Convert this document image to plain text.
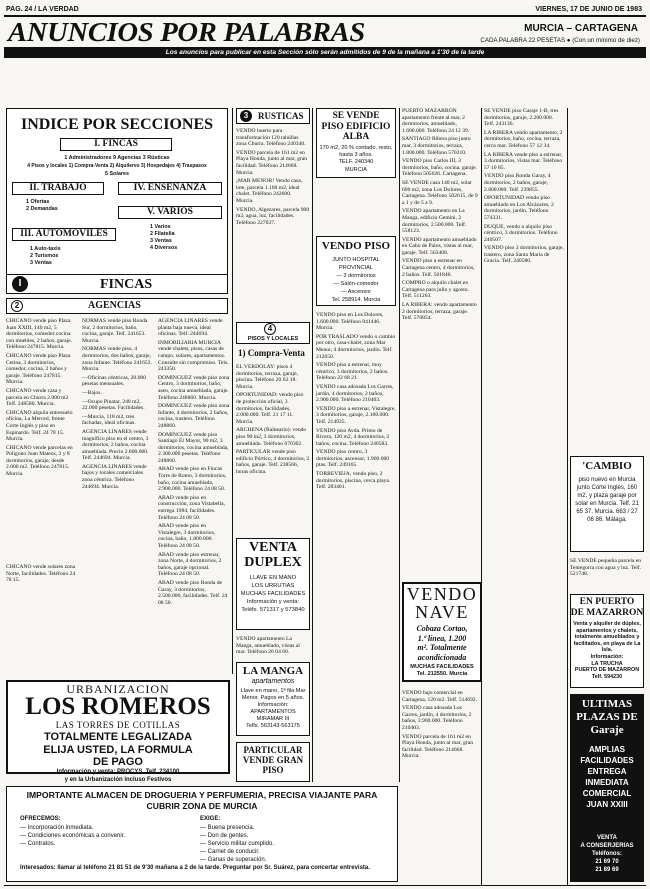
PAG. 24 / LA VERDAD	VIERNES, 17 DE JUNIO DE 1983
ANUNCIOS POR PALABRAS	MURCIA – CARTAGENA
CADA PALABRA 22 PESETAS ● (Con un mínimo de diez)
Los anuncios para publicar en esta Sección sólo serán admitidos de 9 de la mañana a 1'30 de la tarde
INDICE POR SECCIONES
I. FINCAS
1 Administradores 9 Agencias 3 Rústicas
4 Pisos y locales 1) Compra-Venta 2) Alquileres 3) Hospedajes 4) Traspasos
5 Solares
II. TRABAJO
1 Ofertas
2 Demandas
IV. ENSEÑANZA
V. VARIOS
1 Varios
2 Filatelia
3 Ventas
4 Diversos
III. AUTOMOVILES
1 Auto-taxis
2 Turismos
3 Ventas
I	FINCAS
2	AGENCIAS

CHICANO vende piso Plaza Juan XXIII, 140 m2, 5 dormitorios, comedor cocina con muebles, 2 baños, garaje. Teléfono 247815. Murcia.

CHICANO vende piso Plaza Cetina, 3 dormitorios, comedor, cocina, 2 baños y garaje. Teléfono 247815. Murcia.

CHICANO vende casa y parcela en Churra 2.000 m2 Telf. 248580. Murcia.

CHICANO alquila entresuelo oficina, La Merced, frente Corte Inglés y piso en Espinardo. Telf. 24 78 15. Murcia.

CHICANO vende parcelas en Polígono Juan Mateos, 2 y 8 dormitorios, garaje, desde 2.000 m2. Teléfono 247815. Murcia.

CHICANO vende solares zona Norte, facilidades. Teléfono 24 78 15.

NORMAS vende piso Ronda Sur, 2 dormitorios, baño, cocina, garaje. Telf. 241653. Murcia.

NORMAS vende piso, 4 dormitorios, dos baños, garaje, zona Infante. Teléfono 241653. Murcia.

—Oficinas céntricas, 20.000 pesetas mensuales.

—Bajos.

—Ocupo Pinatar, 240 m2, 22.000 pesetas. Facilidades.

—Murcia, 118 m2, tres fachadas, ideal oficinas.

AGENCIA LINARES vende magnífico piso en el centro, 3 dormitorios, 2 baños, cocina amueblada. Precio 2.800.000. Telf. 244694. Murcia.

AGENCIA LINARES vende bajos y locales comerciales zona céntrica. Teléfono 244694. Murcia.

AGENCIA LINARES vende planta baja nueva, ideal oficinas. Telf. 244694.

INMOBILIARIA MURCIA vende chalets, pisos, casas de campo, solares, apartamentos. Consulte sin compromiso. Tels. 243350.

DOMINGUEZ vende piso zona Centro, 3 dormitorios, baño, aseo, cocina amueblada, garaje. Teléfono 248860. Murcia.

DOMINGUEZ vende piso zona Infante, 4 dormitorios, 2 baños, cocina, trastero. Teléfono 248860.

DOMINGUEZ vende piso Santiago El Mayor, 90 m2, 3 dormitorios, cocina amueblada, 2.300.000 pesetas. Teléfono 248860.

ABAD vende piso en Fincas Torre de Romo, 3 dormitorios, baño, cocina amueblada, 2.900.000. Teléfono 24 08 50.

ABAD vende piso en construcción, zona Vistabella, entrega 1984, facilidades. Teléfono 24 08 50.

ABAD vende piso en Vistalegre, 3 dormitorios, cocina, baño, 1.800.000. Teléfono 24 08 50.

ABAD vende piso estrenar, zona Norte, 4 dormitorios, 2 baños, garaje opcional. Teléfono 24 08 50.

ABAD vende piso Ronda de Garay, 3 dormitorios, 2.500.000, facilidades. Telf. 24 08 50.

URBANIZACION
LOS ROMEROS
LAS TORRES DE COTILLAS
TOTALMENTE LEGALIZADA
ELIJA USTED, LA FORMULA
DE PAGO
Información y venta: PROCYS. Telf. 234100
y en la Urbanización incluso Festivos
IMPORTANTE ALMACEN DE DROGUERIA Y PERFUMERIA, PRECISA VIAJANTE PARA CUBRIR ZONA DE MURCIA
OFRECEMOS:
— Incorporación inmediata.
— Condiciones económicas a convenir.
— Contratos.
EXIGE:
— Buena presencia.
— Don de gentes.
— Servicio militar cumplido.
— Carnet de conducir.
— Ganas de superación.
Interesados: llamar al teléfono 21 81 51 de 9'30 mañana a 2 de la tarde. Preguntar por Sr. Suárez, para concertar entrevista.
3	RUSTICAS

VENDO huerto para transformación 120 tahúllas zona Churra. Teléfono 240340.

VENDO parcela de 161 m2 en Playa Honda, junto al mar, gran facilidad. Teléfono 214668. Murcia.

¡MAR MENOR! Vendo casa, lote, parcela 1.160 m2, ideal chalet. Teléfono 242600. Murcia.

VENDO, Algezares, parcela 900 m2, agua, luz, facilidades. Teléfono 227637.

4
PISOS Y LOCALES
1) Compra-Venta

EL VERDOLAY: pisos 4 dormitorios, terraza, garaje, piscina. Teléfono 20 62 18. Murcia.

OPORTUNIDAD: vendo piso de protección oficial, 3 dormitorios, facilidades, 2.000.000. Telf. 21 17 11. Murcia.

ARCHENA (Balneario): vendo piso 90 m2, 3 dormitorios, amueblado. Teléfono 670302.

PARTICULAR vende piso edificio Pórtico, 4 dormitorios, 2 baños, garaje. Telf. 238566, horas oficina.

VENTA
DUPLEX
LLAVE EN MANO
LOS URRUTIAS
MUCHAS FACILIDADES
Información y venta: Teléfs. 571317 y 573840

VENDO apartamento La Manga, amueblado, vistas al mar. Teléfono 26 04 60.

LA MANGA
apartamentos
Llave en mano, 1ª fila Mar Menor. Pagos en 5 años.
Información:
APARTAMENTOS MIRAMAR III
Telfs. 563143-563175
PARTICULAR VENDE GRAN PISO
SE VENDE
PISO EDIFICIO
ALBA
170 m2, 20 % contado, resto, hasta 3 años.
TELF. 240340
MURCIA
VENDO PISO
JUNTO HOSPITAL PROVINCIAL
— 3 dormitorios
— Salón-comedor
— Ascensor
Tel. 258914. Murcia

VENDO piso en Los Dolores, 1.600.000. Teléfono 841446. Murcia.

POR TRASLADO vendo o cambio por otro, casa-chalet, zona Mar Menor, 4 dormitorios, jardín. Telf. 212650.

VENDO piso a estrenar, muy céntrico, 3 dormitorios, 2 baños. Teléfono 22 68 21.

VENDO casa adosada Los Garres, jardín, 4 dormitorios, 2 baños, 2.900.000. Teléfono 210403.

VENDO piso a estrenar, Vistalegre, 3 dormitorios, garaje, 2.100.000. Telf. 214935.

VENDO piso Avda. Primo de Rivera, 120 m2, 4 dormitorios, 2 baños, cocina. Teléfono 240583.

VENDO piso centro, 3 dormitorios, ascensor, 1.900.000 ptas. Telf. 249165.

TORREVIEJA, vendo piso, 2 dormitorios, piscina, cerca playa. Telf. 283401.

PUERTO MAZARRON apartamento frente al mar, 2 dormitorios, amueblado, 1.600.000. Teléfono 24 12 39.

SANTIAGO Ribera piso junto mar, 3 dormitorios, terraza, 1.800.000. Teléfono 570310.

VENDO piso Carlos III, 3 dormitorios, baño, cocina, garaje. Teléfono 505626. Cartagena.

SE VENDE casa 140 m2, solar 600 m2, zona Los Dolores, Cartagena. Teléfono 502615, de 9 a 1 y de 5 a 9.

VENDO apartamento en La Manga, edificio Gemini, 2 dormitorios, 2.500.000. Telf. 558123.

VENDO apartamento amueblado en Cabo de Palos, vistas al mar, garaje. Telf. 563408.

VENDO piso a estrenar en Cartagena centro, 4 dormitorios, 2 baños. Telf. 501846.

COMPRO o alquilo chalet en Cartagena para julio y agosto. Telf. 511263.

LA RIBERA: vendo apartamento 2 dormitorios, terraza, garaje. Telf. 570854.

VENDO
NAVE
Cobaza Cortao,
1.ª línea, 1.200
m². Totalmente
acondicionada
MUCHAS FACILIDADES
Tel. 212550. Murcia

VENDO bajo comercial en Cartagena, 120 m2. Telf. 514692.

VENDO casa adosada Los Garres, jardín, 4 dormitorios, 2 baños, 2.900.000. Teléfono 210403.

VENDO parcela de 161 m2 en Playa Honda, junto al mar, gran facilidad. Teléfono 214668. Murcia.

SE VENDE piso Garaje 1-B, tres dormitorios, garaje, 2.200.000. Telf. 243136.

LA RIBERA vendo apartamento, 2 dormitorios, baño, cocina, terraza, cerca mar. Teléfono 57 12 34.

LA RIBERA vende piso a estrenar, 3 dormitorios, vistas mar. Teléfono 57 10 85.

VENDO piso Ronda Garay, 4 dormitorios, 2 baños, garaje, 2.800.000. Telf. 239855.

OPORTUNIDAD vendo piso amueblado en Los Alcázares, 2 dormitorios, jardín. Teléfono 574331.

DUQUE, vendo o alquilo piso céntrico, 3 dormitorios. Teléfono 240507.

VENDO piso 3 dormitorios, garaje, trastero, zona Santa María de Gracia. Telf. 240580.

'CAMBIO
piso nuevo en Murcia junto Corte Inglés, 160 m2, y plaza garaje por solar en Murcia. Telf. 21 65 37. Murcia. 663 / 27 06 86. Málaga.

SE VENDE pequeña parcela en Tentegorra con agua y luz. Telf. 521748.

EN PUERTO
DE MAZARRON
Venta y alquiler de dúplex, apartamentos y chalets, totalmente amueblados y facilitados, en playa de La Isla.
Información:
LA TRUCHA
PUERTO DE MAZARRON
Telf. 594230
ULTIMAS
PLAZAS DE
Garaje
AMPLIAS
FACILIDADES
ENTREGA
INMEDIATA
COMERCIAL
JUAN XXIII
VENTA
A CONSERJERIAS
Teléfonos:
21 69 70
21 89 69
